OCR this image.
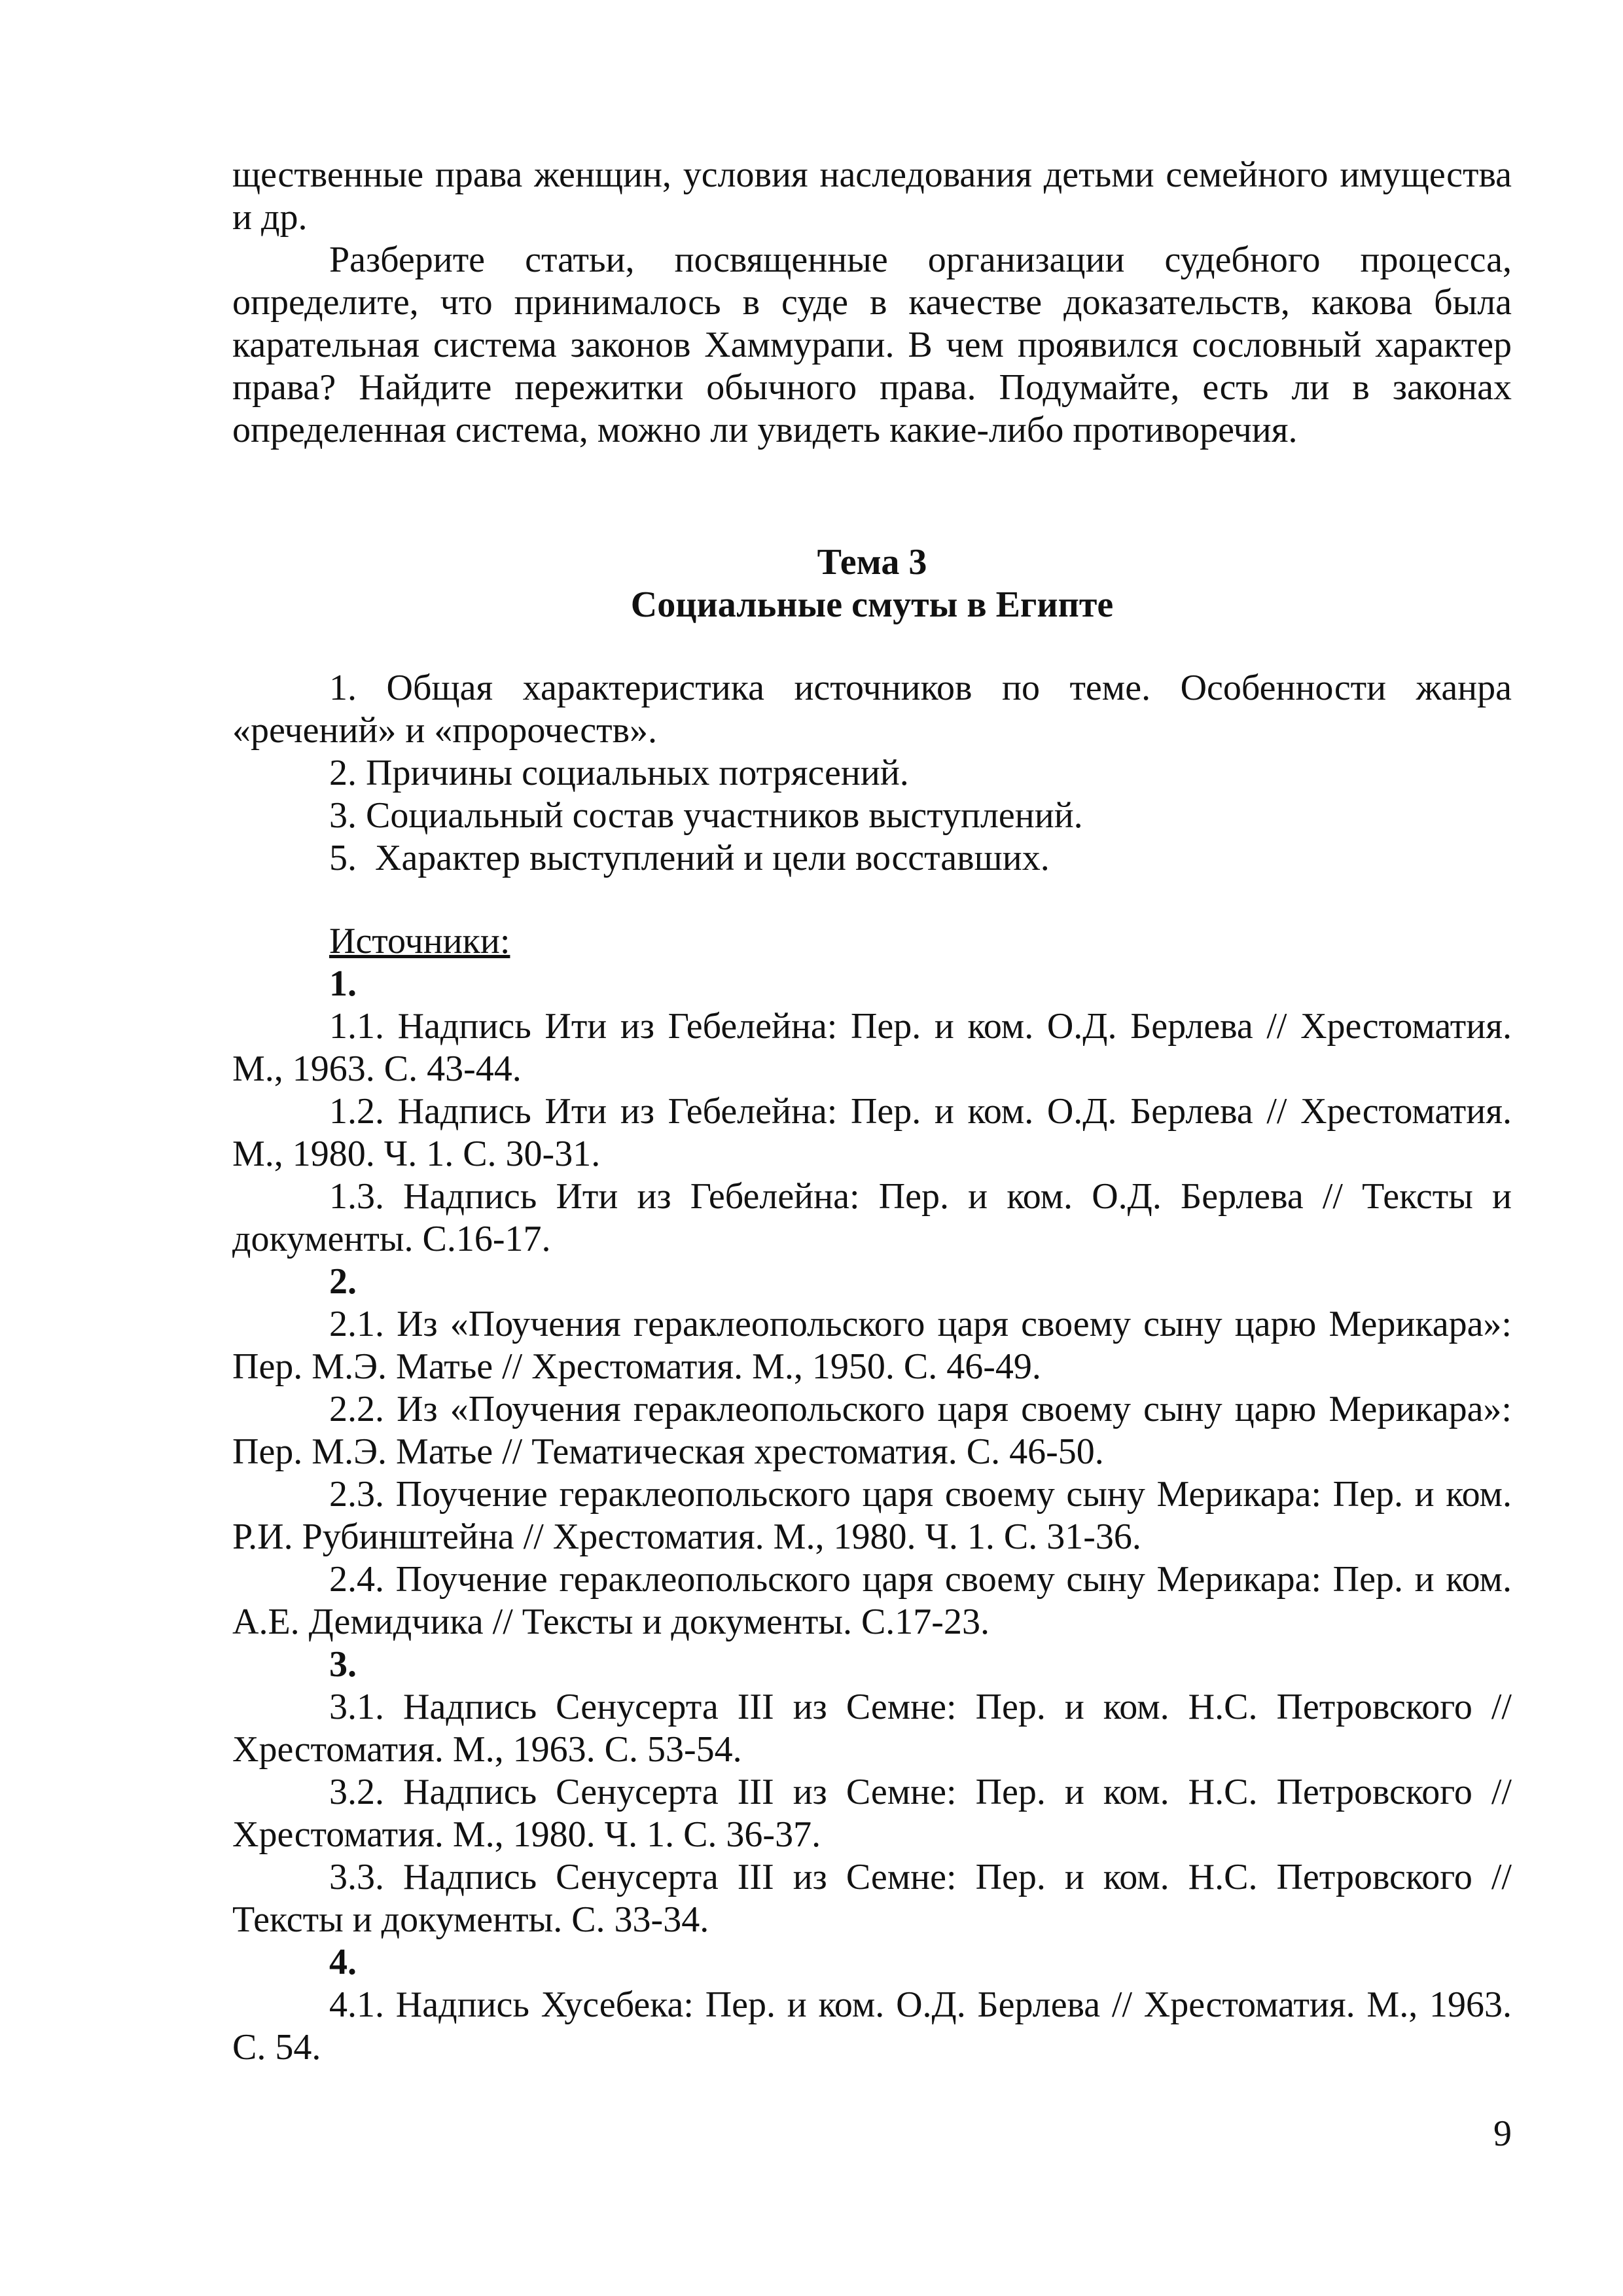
щественные права женщин, условия наследования детьми семейного имущества и др.

Разберите статьи, посвященные организации судебного процесса, определите, что принималось в суде в качестве доказательств, какова была карательная система законов Хаммурапи. В чем проявился сословный характер права? Найдите пережитки обычного права. Подумайте, есть ли в законах определенная система, можно ли увидеть какие-либо противоречия.

Тема 3

Социальные смуты в Египте

1. Общая характеристика источников по теме. Особенности жанра «речений» и «пророчеств».

2. Причины социальных потрясений.

3. Социальный состав участников выступлений.

5.  Характер выступлений и цели восставших.

Источники:

1.

1.1. Надпись Ити из Гебелейна: Пер. и ком. О.Д. Берлева // Хрестоматия. М., 1963. С. 43-44.

1.2. Надпись Ити из Гебелейна: Пер. и ком. О.Д. Берлева // Хрестоматия. М., 1980. Ч. 1. С. 30-31.

1.3. Надпись Ити из Гебелейна: Пер. и ком. О.Д. Берлева // Тексты и документы. С.16-17.

2.

2.1. Из «Поучения гераклеопольского царя своему сыну царю Мерикара»: Пер. М.Э. Матье // Хрестоматия. М., 1950. С. 46-49.

2.2. Из «Поучения гераклеопольского царя своему сыну царю Мерикара»: Пер. М.Э. Матье // Тематическая хрестоматия. С. 46-50.

2.3. Поучение гераклеопольского царя своему сыну Мерикара: Пер. и ком. Р.И. Рубинштейна // Хрестоматия. М., 1980. Ч. 1. С. 31-36.

2.4. Поучение гераклеопольского царя своему сыну Мерикара: Пер. и ком. А.Е. Демидчика // Тексты и документы. С.17-23.

3.

3.1. Надпись Сенусерта III из Семне: Пер. и ком. Н.С. Петровского // Хрестоматия. М., 1963. С. 53-54.

3.2. Надпись Сенусерта III из Семне: Пер. и ком. Н.С. Петровского // Хрестоматия. М., 1980. Ч. 1. С. 36-37.

3.3. Надпись Сенусерта III из Семне: Пер. и ком. Н.С. Петровского // Тексты и документы. С. 33-34.

4.

4.1. Надпись Хусебека: Пер. и ком. О.Д. Берлева // Хрестоматия. М., 1963. С. 54.

9
